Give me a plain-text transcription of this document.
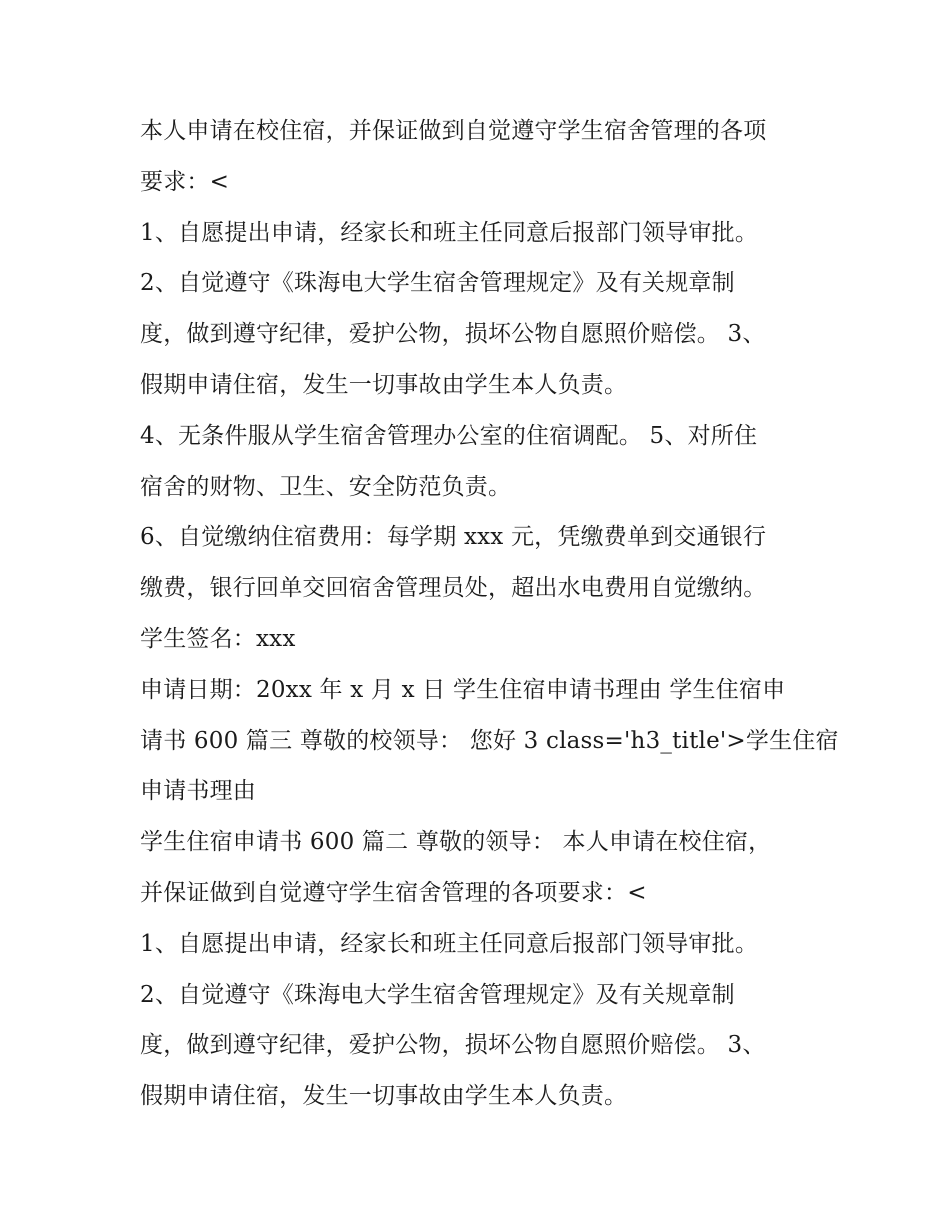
本人申请在校住宿，并保证做到自觉遵守学生宿舍管理的各项
要求：<
1、自愿提出申请，经家长和班主任同意后报部门领导审批。
2、自觉遵守《珠海电大学生宿舍管理规定》及有关规章制
度，做到遵守纪律，爱护公物，损坏公物自愿照价赔偿。 3、
假期申请住宿，发生一切事故由学生本人负责。
4、无条件服从学生宿舍管理办公室的住宿调配。 5、对所住
宿舍的财物、卫生、安全防范负责。
6、自觉缴纳住宿费用：每学期 xxx 元，凭缴费单到交通银行
缴费，银行回单交回宿舍管理员处，超出水电费用自觉缴纳。
学生签名：xxx
申请日期：20xx 年 x 月 x 日 学生住宿申请书理由 学生住宿申
请书 600 篇三 尊敬的校领导： 您好 3 class='h3_title'>学生住宿
申请书理由
学生住宿申请书 600 篇二 尊敬的领导： 本人申请在校住宿，
并保证做到自觉遵守学生宿舍管理的各项要求：<
1、自愿提出申请，经家长和班主任同意后报部门领导审批。
2、自觉遵守《珠海电大学生宿舍管理规定》及有关规章制
度，做到遵守纪律，爱护公物，损坏公物自愿照价赔偿。 3、
假期申请住宿，发生一切事故由学生本人负责。
